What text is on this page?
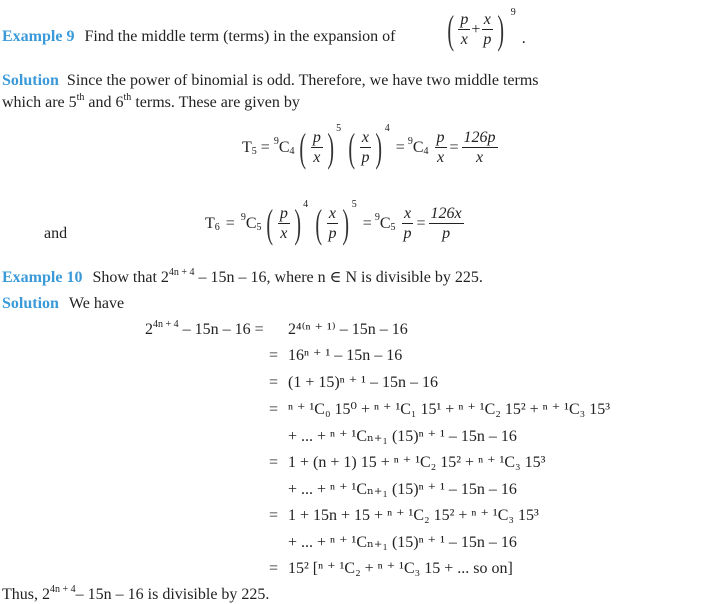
Example 9 Find the middle term (terms) in the expansion of ( $\frac{p}{x} + \frac{x}{p}$ ) 9
.
Solution Since the power of binomial is odd. Therefore, we have two middle terms
which are 5th and 6th terms. These are given by
$T_5 = ^9$ $C_4$ ( $\frac{p}{x}$ ) 5 ( $\frac{x}{p}$ ) 4
= $^9$ $C_4 \frac{p}{x} = \frac{126p}{x}$
and
$T_6 = ^9$ $C_5$ ( $\frac{p}{x}$ ) 4 ( $\frac{x}{p}$ ) 5
= $^9$ $C_5 \frac{x}{p} = \frac{126x}{p}$
Example 10 Show that $2^{4n + 4} - 15n - 16$, where n ∈ N is divisible by 225.
Solution We have
$2^{4n + 4} - 15n - 16 = 2^{4(n}$ ⁺ ¹⁾ – 15n – 16
= 16ⁿ ⁺ ¹ – 15n – 16
= (1 + 15)ⁿ ⁺ ¹ – 15n – 16
= ⁿ ⁺ ¹C₀ 15⁰ + ⁿ ⁺ ¹C₁ 15¹ + ⁿ ⁺ ¹C₂ 15² + ⁿ ⁺ ¹C₃ 15³
+ ... + ⁿ ⁺ ¹Cₙ₊₁ (15)ⁿ ⁺ ¹ – 15n – 16
= 1 + (n + 1) 15 + ⁿ ⁺ ¹C₂ 15² + ⁿ ⁺ ¹C₃ 15³
+ ... + ⁿ ⁺ ¹Cₙ₊₁ (15)ⁿ ⁺ ¹ – 15n – 16
= 1 + 15n + 15 + ⁿ ⁺ ¹C₂ 15² + ⁿ ⁺ ¹C₃ 15³
+ ... + ⁿ ⁺ ¹Cₙ₊₁ (15)ⁿ ⁺ ¹ – 15n – 16
= 15² [ⁿ ⁺ ¹C₂ + ⁿ ⁺ ¹C₃ 15 + ... so on]
Thus, $2^{4n + 4}-$ 15n – 16 is divisible by 225.
